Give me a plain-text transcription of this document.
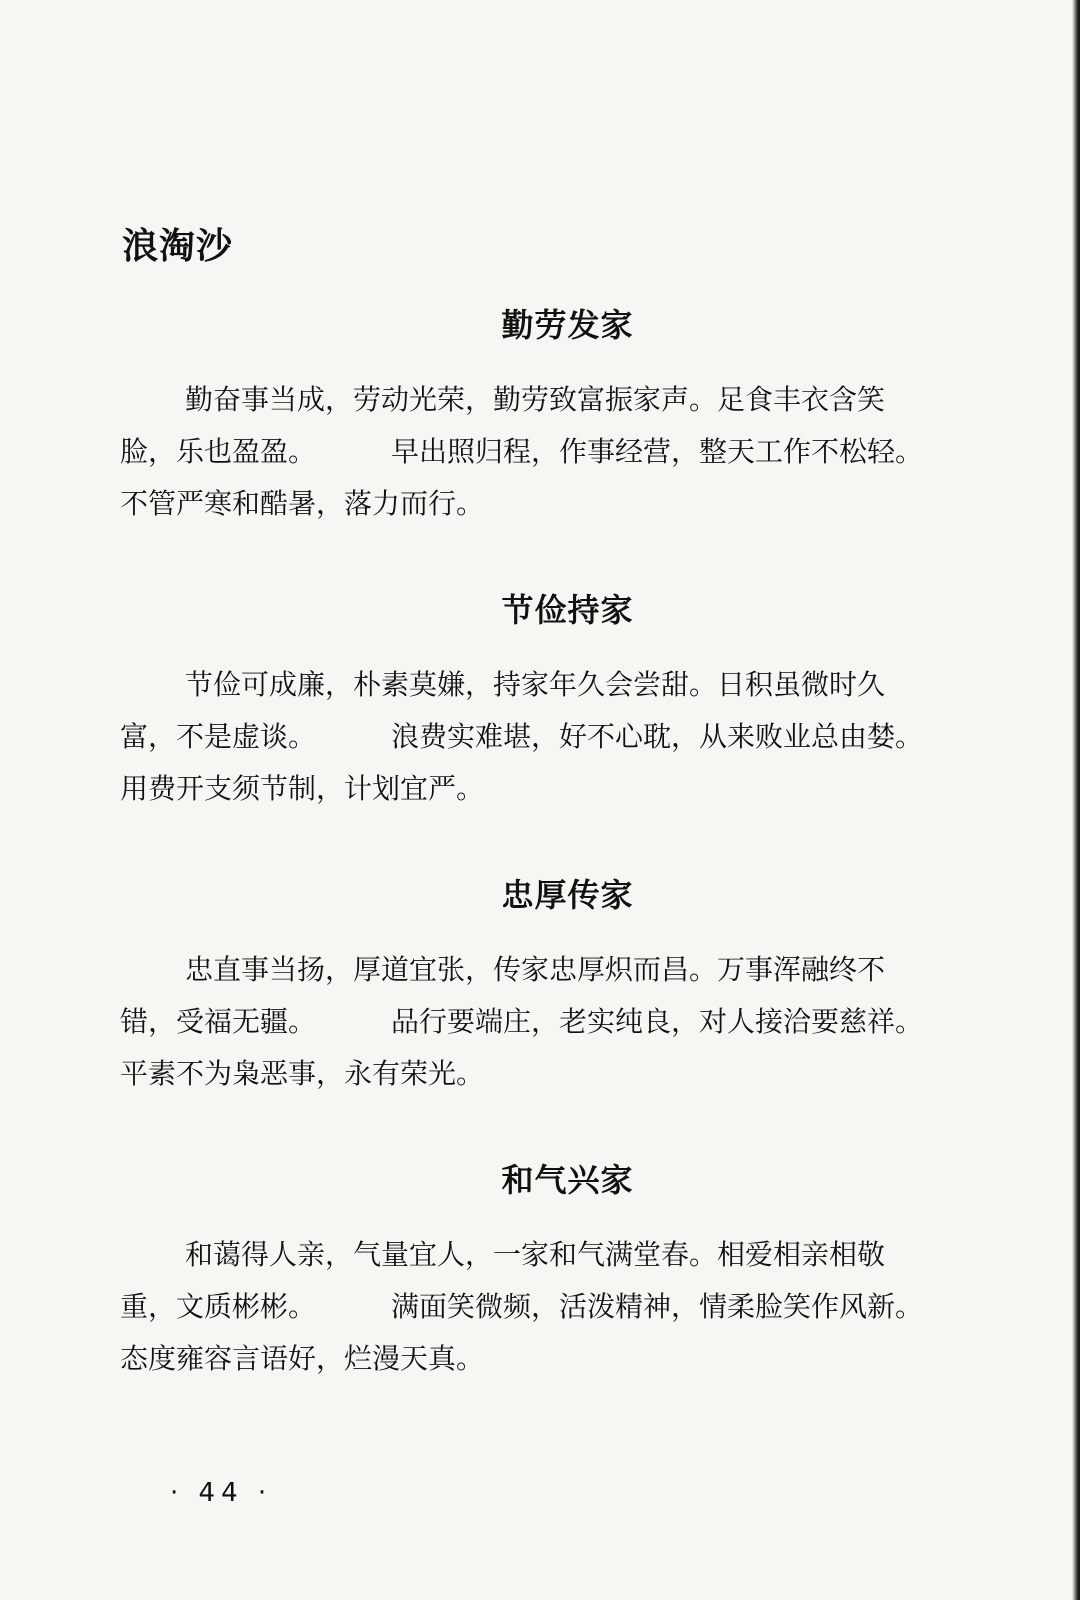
浪淘沙
勤劳发家

勤奋事当成，劳动光荣，勤劳致富振家声。足食丰衣含笑
脸，乐也盈盈。	早出照归程，作事经营，整天工作不松轻。
不管严寒和酷暑，落力而行。

节俭持家

节俭可成廉，朴素莫嫌，持家年久会尝甜。日积虽微时久
富，不是虚谈。	浪费实难堪，好不心耽，从来败业总由婪。
用费开支须节制，计划宜严。

忠厚传家

忠直事当扬，厚道宜张，传家忠厚炽而昌。万事浑融终不
错，受福无疆。	品行要端庄，老实纯良，对人接洽要慈祥。
平素不为枭恶事，永有荣光。

和气兴家

和蔼得人亲，气量宜人，一家和气满堂春。相爱相亲相敬
重，文质彬彬。	满面笑微频，活泼精神，情柔脸笑作风新。
态度雍容言语好，烂漫天真。

· 44 ·
